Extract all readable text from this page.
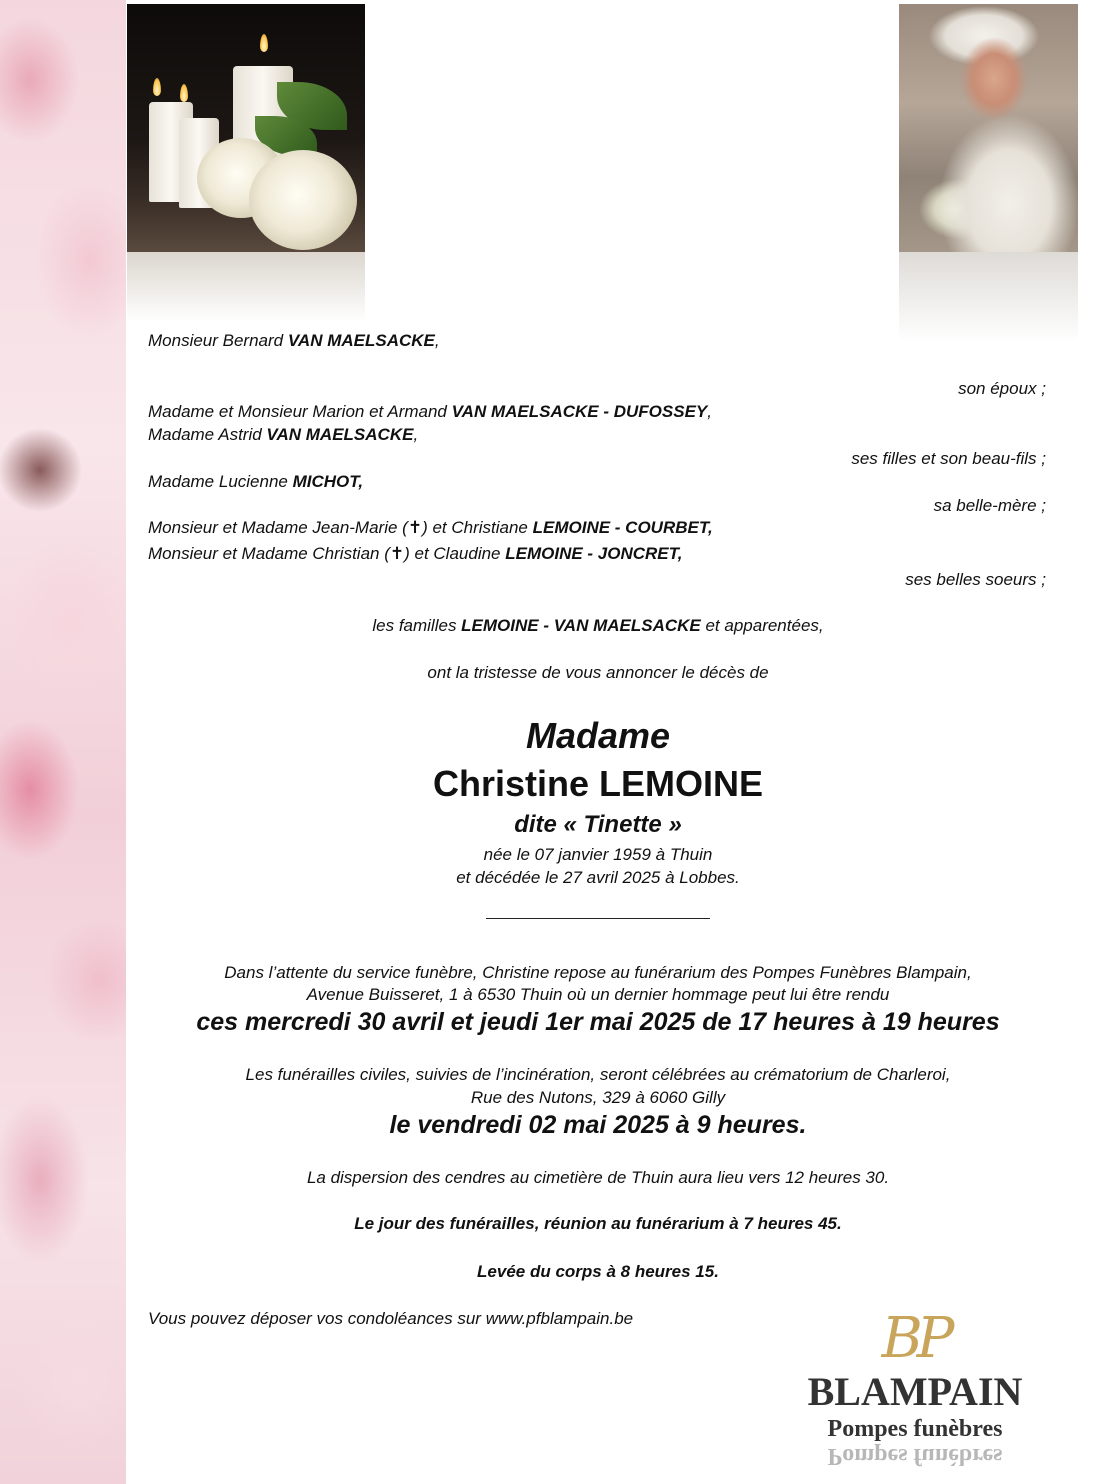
Monsieur Bernard VAN MAELSACKE,
son époux ;
Madame et Monsieur Marion et Armand VAN MAELSACKE - DUFOSSEY,
Madame Astrid VAN MAELSACKE,
ses filles et son beau-fils ;
Madame Lucienne MICHOT,
sa belle-mère ;
Monsieur et Madame Jean-Marie (✝) et Christiane LEMOINE - COURBET,
Monsieur et Madame Christian (✝) et Claudine LEMOINE - JONCRET,
ses belles soeurs ;
les familles LEMOINE - VAN MAELSACKE et apparentées,
ont la tristesse de vous annoncer le décès de
Madame
Christine LEMOINE
dite « Tinette »
née le 07 janvier 1959 à Thuin
et décédée le 27 avril 2025 à Lobbes.
Dans l’attente du service funèbre, Christine repose au funérarium des Pompes Funèbres Blampain,
Avenue Buisseret, 1 à 6530 Thuin où un dernier hommage peut lui être rendu
ces mercredi 30 avril et jeudi 1er mai 2025 de 17 heures à 19 heures
Les funérailles civiles, suivies de l’incinération, seront célébrées au crématorium de Charleroi,
Rue des Nutons, 329 à 6060 Gilly
le vendredi 02 mai 2025 à 9 heures.
La dispersion des cendres au cimetière de Thuin aura lieu vers 12 heures 30.
Le jour des funérailles, réunion au funérarium à 7 heures 45.
Levée du corps à 8 heures 15.
Vous pouvez déposer vos condoléances sur www.pfblampain.be	BP
BLAMPAIN
Pompes funèbres
Pompes funèbres
